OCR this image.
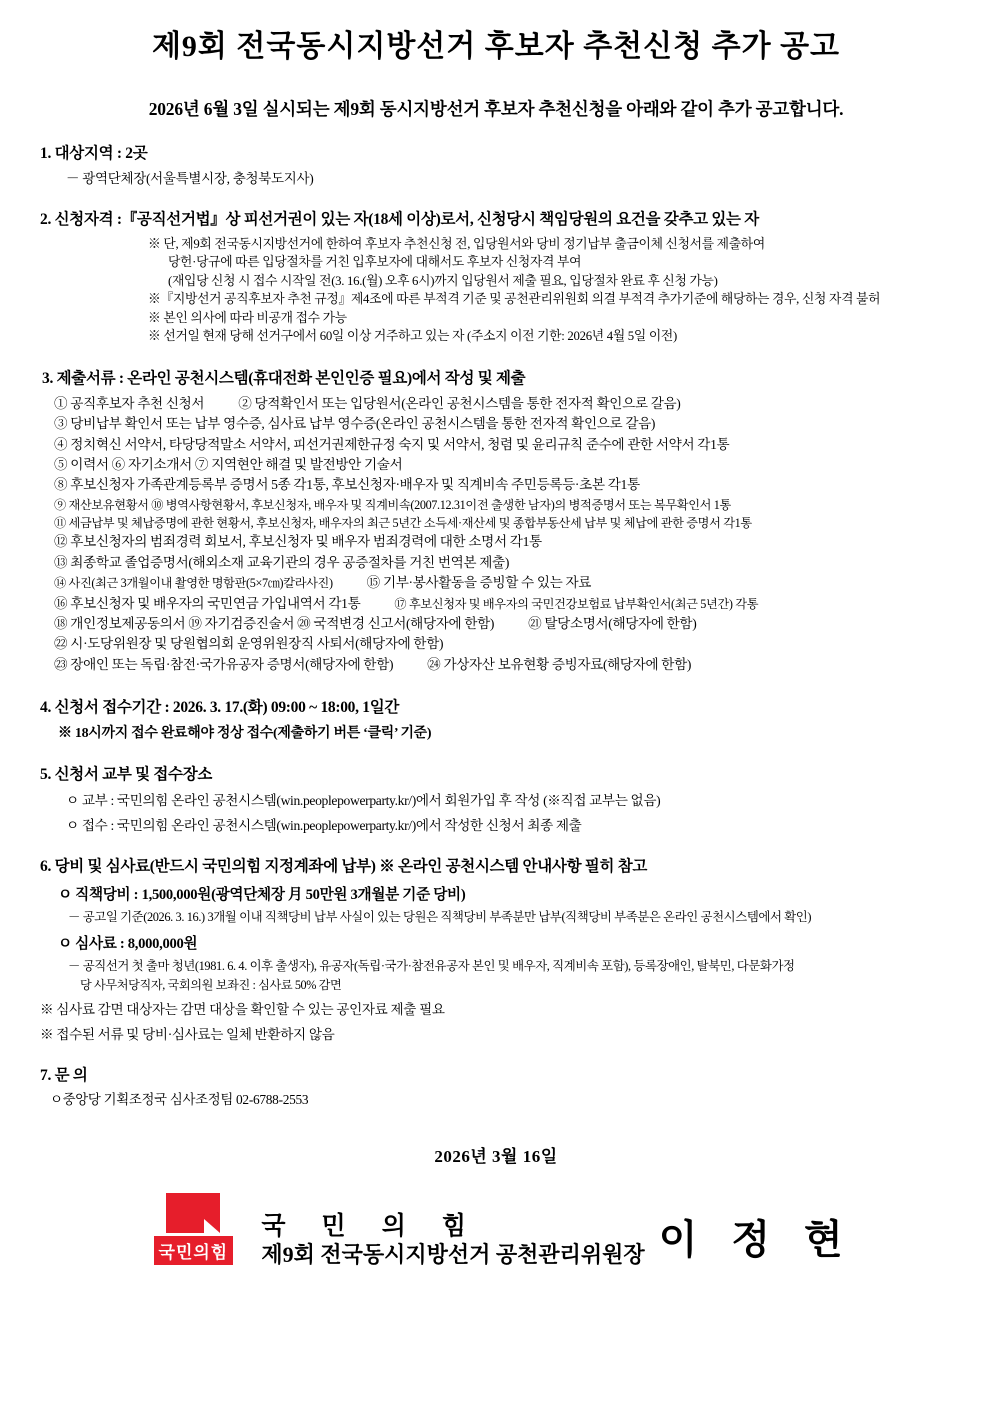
제9회 전국동시지방선거 후보자 추천신청 추가 공고

2026년 6월 3일 실시되는 제9회 동시지방선거 후보자 추천신청을 아래와 같이 추가 공고합니다.

1. 대상지역 : 2곳
－ 광역단체장(서울특별시장, 충청북도지사)
2. 신청자격 :『공직선거법』상 피선거권이 있는 자(18세 이상)로서, 신청당시 책임당원의 요건을 갖추고 있는 자
※ 단, 제9회 전국동시지방선거에 한하여 후보자 추천신청 전, 입당원서와 당비 정기납부 출금이체 신청서를 제출하여
당헌·당규에 따른 입당절차를 거친 입후보자에 대해서도 후보자 신청자격 부여
(재입당 신청 시 접수 시작일 전(3. 16.(월) 오후 6시)까지 입당원서 제출 필요, 입당절차 완료 후 신청 가능)
※『지방선거 공직후보자 추천 규정』제4조에 따른 부적격 기준 및 공천관리위원회 의결 부적격 추가기준에 해당하는 경우, 신청 자격 불허
※ 본인 의사에 따라 비공개 접수 가능
※ 선거일 현재 당해 선거구에서 60일 이상 거주하고 있는 자 (주소지 이전 기한: 2026년 4월 5일 이전)
3. 제출서류 : 온라인 공천시스템(휴대전화 본인인증 필요)에서 작성 및 제출
① 공직후보자 추천 신청서	② 당적확인서 또는 입당원서(온라인 공천시스템을 통한 전자적 확인으로 갈음)
③ 당비납부 확인서 또는 납부 영수증, 심사료 납부 영수증(온라인 공천시스템을 통한 전자적 확인으로 갈음)
④ 정치혁신 서약서, 타당당적말소 서약서, 피선거권제한규정 숙지 및 서약서, 청렴 및 윤리규칙 준수에 관한 서약서 각1통
⑤ 이력서 ⑥ 자기소개서 ⑦ 지역현안 해결 및 발전방안 기술서
⑧ 후보신청자 가족관계등록부 증명서 5종 각1통, 후보신청자·배우자 및 직계비속 주민등록등·초본 각1통
⑨ 재산보유현황서 ⑩ 병역사항현황서, 후보신청자, 배우자 및 직계비속(2007.12.31이전 출생한 남자)의 병적증명서 또는 복무확인서 1통
⑪ 세금납부 및 체납증명에 관한 현황서, 후보신청자, 배우자의 최근 5년간 소득세·재산세 및 종합부동산세 납부 및 체납에 관한 증명서 각1통
⑫ 후보신청자의 범죄경력 회보서, 후보신청자 및 배우자 범죄경력에 대한 소명서 각1통
⑬ 최종학교 졸업증명서(해외소재 교육기관의 경우 공증절차를 거친 번역본 제출)
⑭ 사진(최근 3개월이내 촬영한 명함판(5×7㎝)칼라사진)	⑮ 기부·봉사활동을 증빙할 수 있는 자료
⑯ 후보신청자 및 배우자의 국민연금 가입내역서 각1통	⑰ 후보신청자 및 배우자의 국민건강보험료 납부확인서(최근 5년간) 각통
⑱ 개인정보제공동의서 ⑲ 자기검증진술서 ⑳ 국적변경 신고서(해당자에 한함)	㉑ 탈당소명서(해당자에 한함)
㉒ 시·도당위원장 및 당원협의회 운영위원장직 사퇴서(해당자에 한함)
㉓ 장애인 또는 독립·참전·국가유공자 증명서(해당자에 한함)	㉔ 가상자산 보유현황 증빙자료(해당자에 한함)
4. 신청서 접수기간 : 2026. 3. 17.(화) 09:00 ~ 18:00, 1일간
※ 18시까지 접수 완료해야 정상 접수(제출하기 버튼 ‘클릭’ 기준)
5. 신청서 교부 및 접수장소
ㅇ 교부 : 국민의힘 온라인 공천시스템(win.peoplepowerparty.kr/)에서 회원가입 후 작성 (※직접 교부는 없음)
ㅇ 접수 : 국민의힘 온라인 공천시스템(win.peoplepowerparty.kr/)에서 작성한 신청서 최종 제출
6. 당비 및 심사료(반드시 국민의힘 지정계좌에 납부) ※ 온라인 공천시스템 안내사항 필히 참고
ㅇ 직책당비 : 1,500,000원(광역단체장 月 50만원 3개월분 기준 당비)
－ 공고일 기준(2026. 3. 16.) 3개월 이내 직책당비 납부 사실이 있는 당원은 직책당비 부족분만 납부(직책당비 부족분은 온라인 공천시스템에서 확인)
ㅇ 심사료 : 8,000,000원
－ 공직선거 첫 출마 청년(1981. 6. 4. 이후 출생자), 유공자(독립·국가·참전유공자 본인 및 배우자, 직계비속 포함), 등록장애인, 탈북민, 다문화가정
당 사무처당직자, 국회의원 보좌진 : 심사료 50% 감면
※ 심사료 감면 대상자는 감면 대상을 확인할 수 있는 공인자료 제출 필요
※ 접수된 서류 및 당비·심사료는 일체 반환하지 않음
7. 문 의
ㅇ중앙당 기획조정국 심사조정팀 02-6788-2553
2026년 3월 16일
국민의힘
국민의힘
제9회 전국동시지방선거 공천관리위원장 이 정 현
